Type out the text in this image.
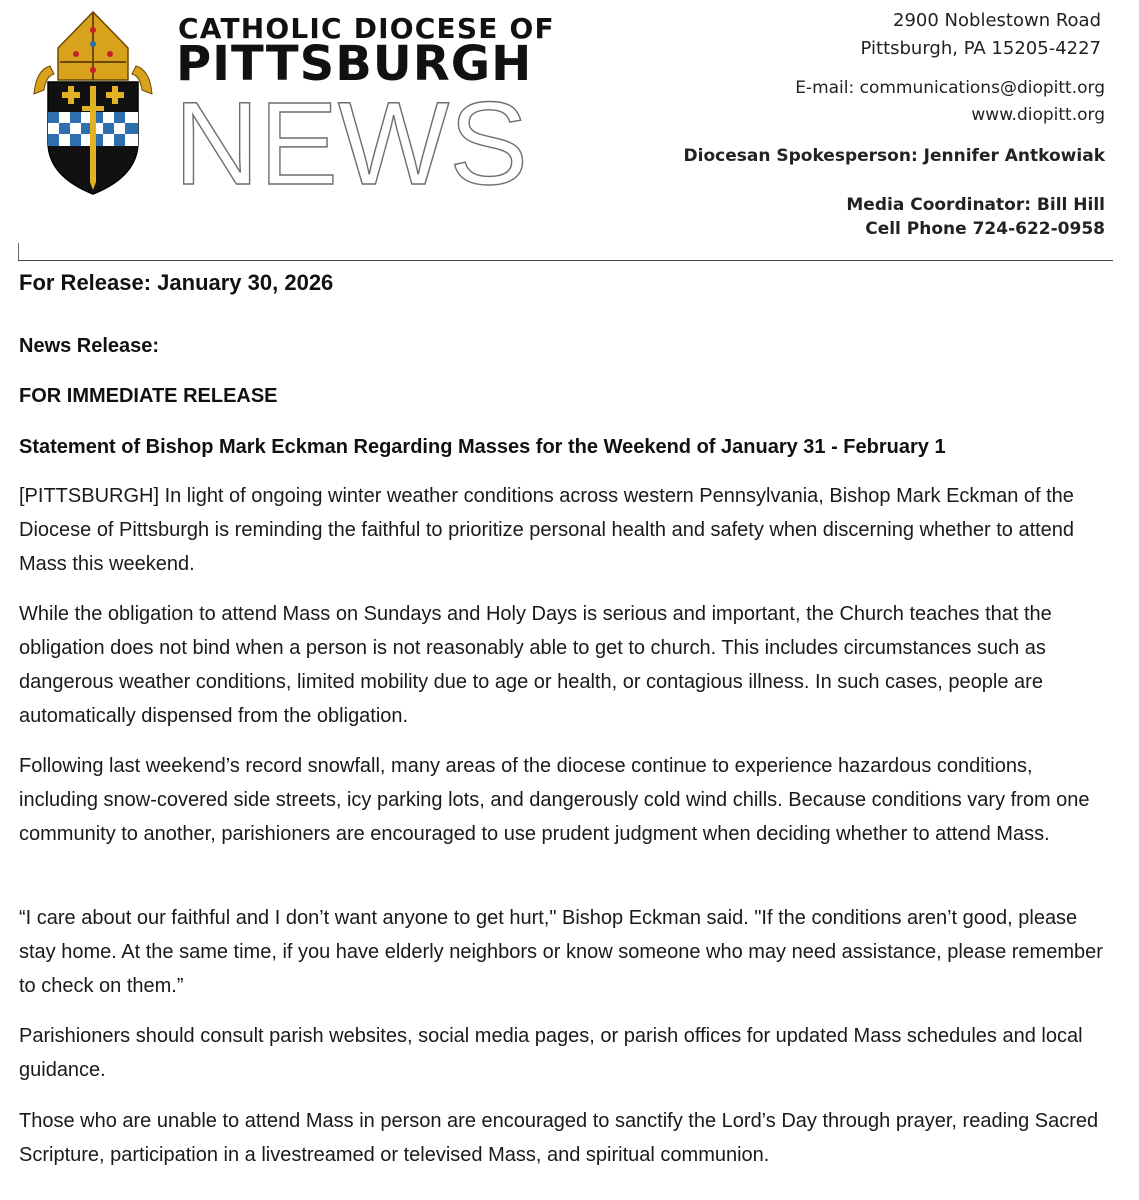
CATHOLIC DIOCESE OF
PITTSBURGH
NEWS
2900 Noblestown Road
Pittsburgh, PA 15205-4227
E-mail: communications@diopitt.org
www.diopitt.org
Diocesan Spokesperson: Jennifer Antkowiak
Media Coordinator: Bill Hill
Cell Phone 724-622-0958
For Release: January 30, 2026
News Release:
FOR IMMEDIATE RELEASE
Statement of Bishop Mark Eckman Regarding Masses for the Weekend of January 31 - February 1

[PITTSBURGH] In light of ongoing winter weather conditions across western Pennsylvania, Bishop Mark Eckman of the Diocese of Pittsburgh is reminding the faithful to prioritize personal health and safety when discerning whether to attend Mass this weekend.

While the obligation to attend Mass on Sundays and Holy Days is serious and important, the Church teaches that the obligation does not bind when a person is not reasonably able to get to church. This includes circumstances such as dangerous weather conditions, limited mobility due to age or health, or contagious illness. In such cases, people are automatically dispensed from the obligation.

Following last weekend’s record snowfall, many areas of the diocese continue to experience hazardous conditions, including snow-covered side streets, icy parking lots, and dangerously cold wind chills. Because conditions vary from one community to another, parishioners are encouraged to use prudent judgment when deciding whether to attend Mass.

“I care about our faithful and I don’t want anyone to get hurt," Bishop Eckman said. "If the conditions aren’t good, please stay home. At the same time, if you have elderly neighbors or know someone who may need assistance, please remember to check on them.”

Parishioners should consult parish websites, social media pages, or parish offices for updated Mass schedules and local guidance.

Those who are unable to attend Mass in person are encouraged to sanctify the Lord’s Day through prayer, reading Sacred Scripture, participation in a livestreamed or televised Mass, and spiritual communion.
